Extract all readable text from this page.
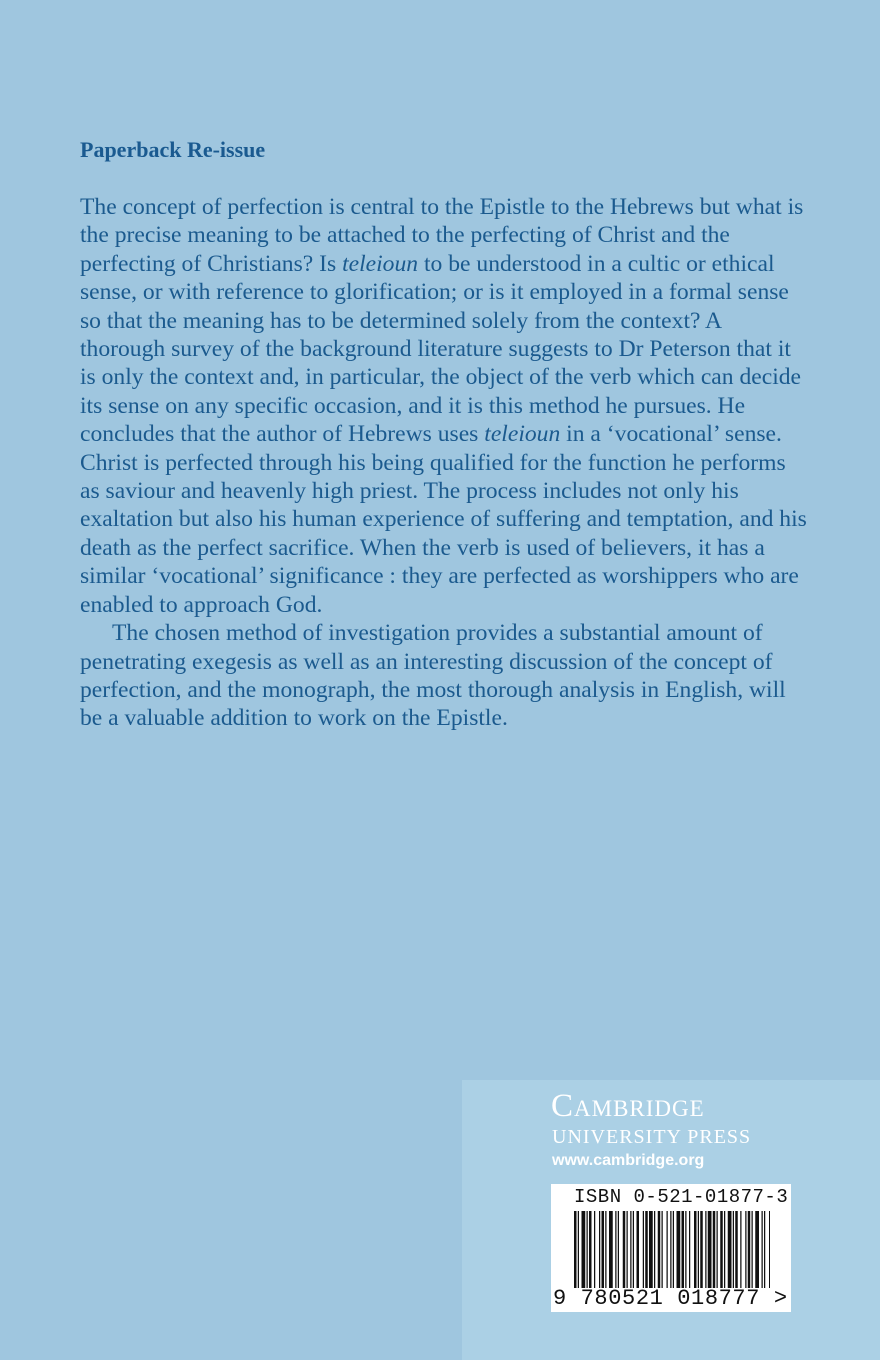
Paperback Re-issue

The concept of perfection is central to the Epistle to the Hebrews but what is the precise meaning to be attached to the perfecting of Christ and the perfecting of Christians? Is teleioun to be understood in a cultic or ethical sense, or with reference to glorification; or is it employed in a formal sense so that the meaning has to be determined solely from the context? A thorough survey of the background literature suggests to Dr Peterson that it is only the context and, in particular, the object of the verb which can decide its sense on any specific occasion, and it is this method he pursues. He concludes that the author of Hebrews uses teleioun in a ‘vocational’ sense. Christ is perfected through his being qualified for the function he performs as saviour and heavenly high priest. The process includes not only his exaltation but also his human experience of suffering and temptation, and his death as the perfect sacrifice. When the verb is used of believers, it has a similar ‘vocational’ significance : they are perfected as worshippers who are enabled to approach God.

The chosen method of investigation provides a substantial amount of penetrating exegesis as well as an interesting discussion of the concept of perfection, and the monograph, the most thorough analysis in English, will be a valuable addition to work on the Epistle.

Cambridge
UNIVERSITY PRESS
www.cambridge.org
ISBN 0-521-01877-3
9 780521 018777 >
